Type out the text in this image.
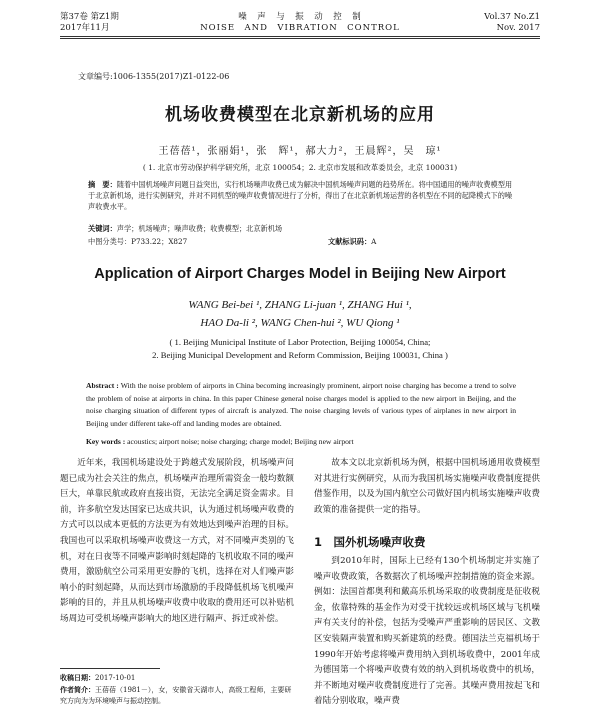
第37卷 第Z1期
2017年11月
噪　声　与　振　动　控　制
NOISE　AND　VIBRATION　CONTROL
Vol.37 No.Z1
Nov. 2017
文章编号:1006-1355(2017)Z1-0122-06
机场收费模型在北京新机场的应用
王蓓蓓¹，张丽娟¹，张　辉¹，郝大力²，王晨辉²，吴　琼¹
( 1. 北京市劳动保护科学研究所，北京 100054；2. 北京市发展和改革委员会，北京 100031)
摘　要：随着中国机场噪声问题日益突出，实行机场噪声收费已成为解决中国机场噪声问题的趋势所在。将中国通用的噪声收费模型用于北京新机场，进行实例研究，并对不同机型的噪声收费情况进行了分析，得出了在北京新机场运营的各机型在不同的起降模式下的噪声收费水平。
关键词：声学；机场噪声；噪声收费；收费模型；北京新机场
中图分类号：P733.22；X827	文献标识码：A
Application of Airport Charges Model in Beijing New Airport
WANG Bei-bei ¹, ZHANG Li-juan ¹, ZHANG Hui ¹,
HAO Da-li ², WANG Chen-hui ², WU Qiong ¹
( 1. Beijing Municipal Institute of Labor Protection, Beijing 100054, China;
2. Beijing Municipal Development and Reform Commission, Beijing 100031, China )
Abstract : With the noise problem of airports in China becoming increasingly prominent, airport noise charging has become a trend to solve the problem of noise at airports in china. In this paper Chinese general noise charges model is applied to the new airport in Beijing, and the noise charging situation of different types of aircraft is analyzed. The noise charging levels of various types of airplanes in new airport in Beijing under different take-off and landing modes are obtained.
Key words : acoustics; airport noise; noise charging; charge model; Beijing new airport
近年来，我国机场建设处于跨越式发展阶段，机场噪声问题已成为社会关注的焦点，机场噪声治理所需资金一般均数额巨大，单靠民航或政府直接出资，无法完全满足资金需求。目前，许多航空发达国家已达成共识，认为通过机场噪声收费的方式可以以成本更低的方法更为有效地达到噪声治理的目标。我国也可以采取机场噪声收费这一方式，对不同噪声类别的飞机，对在日夜等不同噪声影响时刻起降的飞机收取不同的噪声费用，激励航空公司采用更安静的飞机，选择在对人们噪声影响小的时刻起降，从而达到市场激励的手段降低机场飞机噪声影响的目的，并且从机场噪声收费中收取的费用还可以补贴机场周边可受机场噪声影响大的地区进行隔声、拆迁或补偿。
故本文以北京新机场为例，根据中国机场通用收费模型对其进行实例研究，从而为我国机场实施噪声收费制度提供借鉴作用，以及为国内航空公司做好国内机场实施噪声收费政策的准备提供一定的指导。
1　国外机场噪声收费
到2010年时，国际上已经有130个机场制定并实施了噪声收费政策，各数据次了机场噪声控制措施的资金来源。例如：法国首都奥利和戴高乐机场采取的收费制度是征收税金，依靠特殊的基金作为对受干扰较远或机场区域与飞机噪声有关支付的补偿，包括为受噪声严重影响的居民区、文教区安装隔声装置和购买新建筑的经费。德国法兰克福机场于1990年开始考虑将噪声费用纳入到机场收费中，2001年成为德国第一个将噪声收费有效的纳入到机场收费中的机场，并不断地对噪声收费制度进行了完善。其噪声费用按起飞和着陆分别收取，噪声费
收稿日期：2017-10-01
作者简介：王蓓蓓（1981－），女，安徽省天湖市人，高级工程师，主要研究方向为为环境噪声与振动控制。
